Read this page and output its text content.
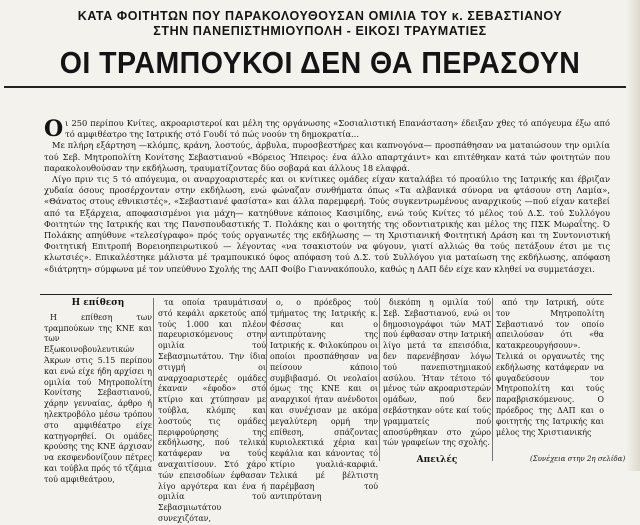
ΚΑΤΑ ΦΟΙΤΗΤΩΝ ΠΟΥ ΠΑΡΑΚΟΛΟΥΘΟΥΣΑΝ ΟΜΙΛΙΑ ΤΟΥ κ. ΣΕΒΑΣΤΙΑΝΟΥ
ΣΤΗΝ ΠΑΝΕΠΙΣΤΗΜΙΟΥΠΟΛΗ - ΕΙΚΟΣΙ ΤΡΑΥΜΑΤΙΕΣ
ΟΙ ΤΡΑΜΠΟΥΚΟΙ ΔΕΝ ΘΑ ΠΕΡΑΣΟΥΝ

Οι 250 περίπου Κνίτες, ακροαριστεροί και μέλη της οργάνωσης «Σοσιαλιστική Επανάσταση» έδειξαν χθες τό απόγευμα έξω από τό αμφιθέατρο της Ιατρικής στό Γουδί τό πώς νοούν τη δημοκρατία...

Με πλήρη εξάρτηση —κλόμπς, κράνη, λοστούς, άρβυλα, πυροσβεστήρες και καπνογόνα— προσπάθησαν να ματαιώσουν την ομιλία τού Σεβ. Μητροπολίτη Κονίτσης Σεβαστιανού «Βόρειος Ήπειρος: ένα άλλο απαρτχάιντ» και επιτέθηκαν κατά τών φοιτητών που παρακολουθούσαν την εκδήλωση, τραυματίζοντας δύο σοβαρά και άλλους 18 ελαφρά.

Λίγο πριν τις 5 τό απόγευμα, οι αναρχοαριστερές και οι κνίτικες ομάδες είχαν καταλάβει τό προαύλιο της Ιατρικής και έβριζαν χυδαία όσους προσέρχονταν στην εκδήλωση, ενώ φώναζαν συνθήματα όπως «Τα αλβανικά σύνορα να φτάσουν στη Λαμία», «Θάνατος στους εθνικιστές», «Σεβαστιανέ φασίστα» και άλλα παρεμφερή. Τούς συγκεντρωμένους αναρχικούς —πού είχαν κατεβεί από τα Εξάρχεια, αποφασισμένοι για μάχη— κατηύθυνε κάποιος Κασιμίδης, ενώ τούς Κνίτες τό μέλος τού Δ.Σ. τού Συλλόγου Φοιτητών της Ιατρικής και της Πανσπουδαστικής Τ. Πολάκης και ο φοιτητής της οδοντιατρικής και μέλος της ΠΣΚ Μωραΐτης. Ό Πολάκης απηύθυνε «τελεσίγραφο» πρός τούς οργανωτές της εκδήλωσης — τη Χριστιανική Φοιτητική Δράση και τη Συντονιστική Φοιτητική Επιτροπή Βορειοηπειρωτικού — λέγοντας «να τσακιστούν να φύγουν, γιατί αλλιώς θα τούς πετάξουν έτσι με τις κλωτσιές». Επικαλέστηκε μάλιστα μέ τραμπουκικό ύφος απόφαση τού Δ.Σ. τού Συλλόγου για ματαίωση της εκδήλωσης, απόφαση «διάτρητη» σύμφωνα μέ τον υπεύθυνο Σχολής της ΔΑΠ Φοίβο Γιαννακόπουλο, καθώς η ΔΑΠ δέν είχε καν κληθεί να συμμετάσχει.

Η επίθεση

Η επίθεση των τραμπούκων της ΚΝΕ και των Εξωκοινοβουλευτικών Άκρων στις 5.15 περίπου και ενώ είχε ήδη αρχίσει η ομιλία τού Μητροπολίτη Κονίτσης Σεβαστιανού, χάρην γενναίας, άρθρο ή ηλεκτροβόλο μέσω τρόπου στο αμφιθέατρο είχε κατηγορηθεί. Οι ομάδες κρούσης της ΚΝΕ άρχισαν να εκσφενδονίζουν πέτρες και τούβλα πρός τό τζάμια τού αμφιθεάτρου,

τα οποία τραυμάτισαν στό κεφάλι αρκετούς από τούς 1.000 και πλέον παρευρισκόμενους στην ομιλία τού Σεβασμιωτάτου. Την ίδια στιγμή οι αναρχοαριστερές ομάδες έκαναν «έφοδο» στό κτίριο και χτύπησαν με τούβλα, κλόμπς και λοστούς τις ομάδες περιφρούρησης της εκδήλωσης, πού τελικά κατάφεραν να τούς αναχαιτίσουν. Στό χάρο τών επεισοδίων έφθασαν λίγο αργότερα και ένα ή ομιλία τού Σεβασμιωτάτου συνεχιζόταν,

ο, ο πρόεδρος τού τμήματος της Ιατρικής κ. Φέσσας και ο αντιπρύτανης της Ιατρικής κ. Φιλοκύπρου οι οποίοι προσπάθησαν να πείσουν κάποιο συμβιβασμό. Οι νεολαίοι όμως της ΚΝΕ και οι αναρχικοί ήταν ανένδοτοι και συνέχισαν με ακόμα μεγαλύτερη ορμή την επίθεση, σπάζοντας κυριολεκτικά χέρια και κεφάλια και κάνοντας τό κτίριο γυαλιά-καρφιά. Τελικά μέ βέλτιστη παρέμβαση τού αντιπρύτανη

διεκόπη η ομιλία τού Σεβ. Σεβαστιανού, ενώ οι δημοσιογράφοι τών ΜΑΤ πού έφθασαν στην Ιατρική λίγο μετά τα επεισόδια, δεν παρενέβησαν λόγω τού πανεπιστημιακού ασύλου. Ήταν τέτοιο τό μένος τών ακροαριστερών ομάδων, πού δεν σεβάστηκαν ούτε καί τούς γραμματείς πού αποσύρθηκαν στο χώρο τών γραφείων της σχολής.

Απειλές

από την Ιατρική, ούτε τον Μητροπολίτη Σεβαστιανό τον οποίο απειλούσαν ότι «θα κατακρεουργήσουν». Τελικά οι οργανωτές της εκδήλωσης κατάφεραν να φυγαδεύσουν τον Μητροπολίτη και τούς παραβρισκόμενους. Ο πρόεδρος της ΔΑΠ και ο φοιτητής της Ιατρικής και μέλος της Χριστιανικής

(Συνέχεια στην 2η σελίδα)
